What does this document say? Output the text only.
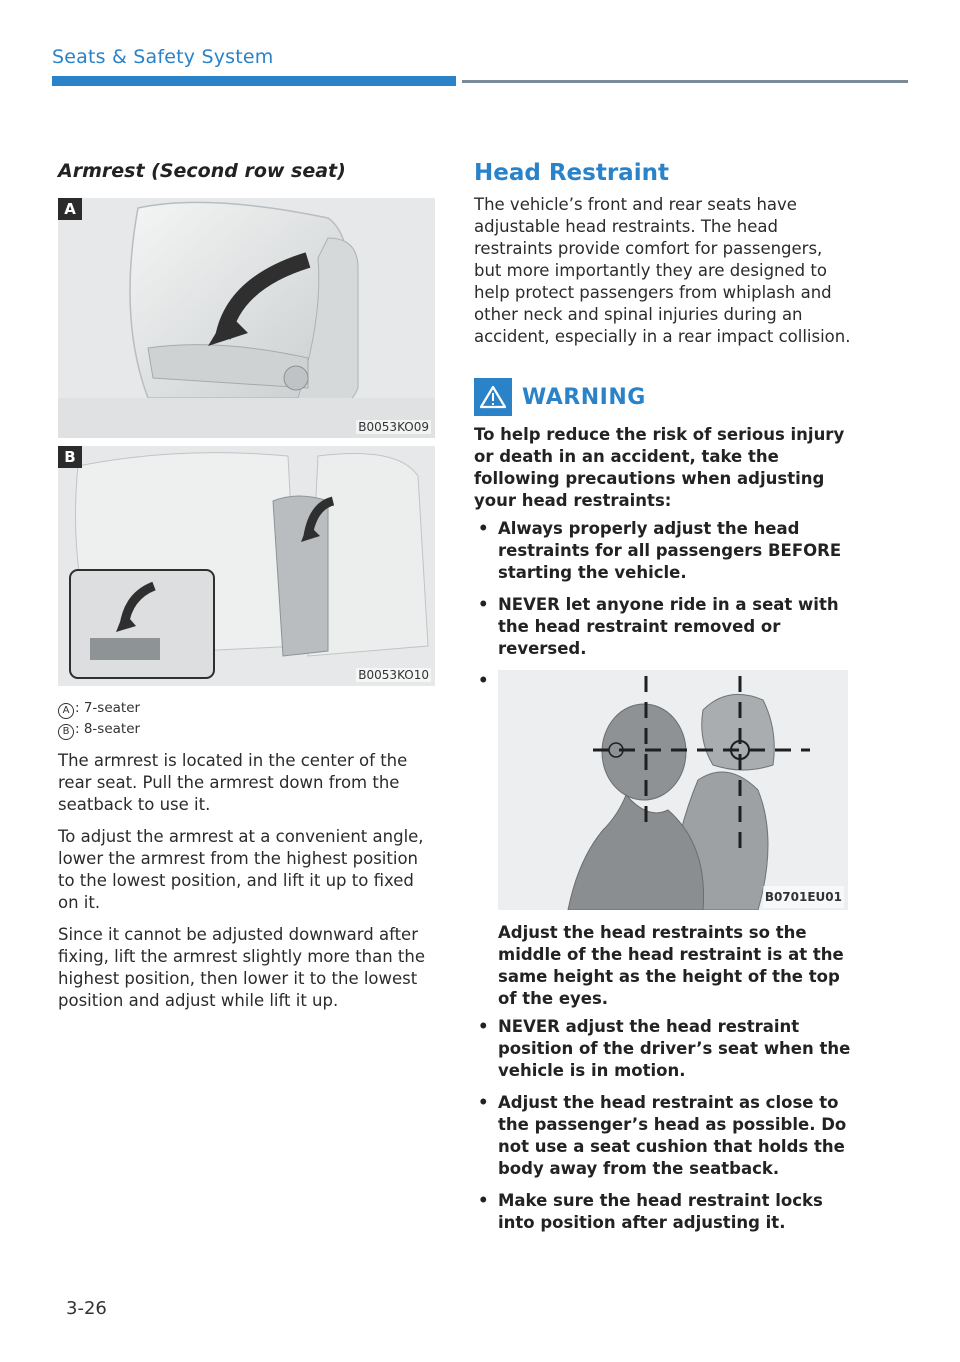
Seats & Safety System
Armrest (Second row seat)
A
B0053KO09
B
B0053KO10
A : 7-seater
B : 8-seater

The armrest is located in the center of the rear seat. Pull the armrest down from the seatback to use it.

To adjust the armrest at a convenient angle, lower the armrest from the highest position to the lowest position, and lift it up to fixed on it.

Since it cannot be adjusted downward after fixing, lift the armrest slightly more than the highest position, then lower it to the lowest position and adjust while lift it up.

Head Restraint

The vehicle’s front and rear seats have adjustable head restraints. The head restraints provide comfort for passengers, but more importantly they are designed to help protect passengers from whiplash and other neck and spinal injuries during an accident, especially in a rear impact collision.

WARNING

To help reduce the risk of serious injury or death in an accident, take the following precautions when adjusting your head restraints:

• Always properly adjust the head restraints for all passengers BEFORE starting the vehicle.
• NEVER let anyone ride in a seat with the head restraint removed or reversed.
• B0701EU01
Adjust the head restraints so the middle of the head restraint is at the same height as the height of the top of the eyes.
• NEVER adjust the head restraint position of the driver’s seat when the vehicle is in motion.
• Adjust the head restraint as close to the passenger’s head as possible. Do not use a seat cushion that holds the body away from the seatback.
• Make sure the head restraint locks into position after adjusting it.
3-26
